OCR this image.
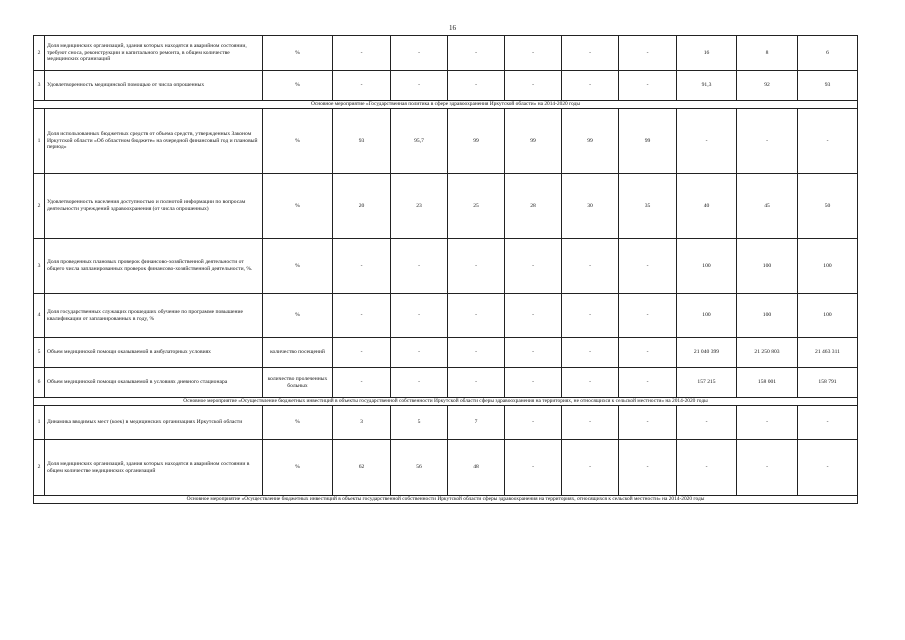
16
2	Доля медицинских организаций, здания которых находятся в аварийном состоянии, требуют сноса, реконструкции и капитального ремонта, в общем количестве медицинских организаций	%	-	-	-	-	-	-	16	8	6
3	Удовлетворенность медицинской помощью от числа опрошенных	%	-	-	-	-	-	-	91,3	92	93
Основное мероприятие «Государственная политика в сфере здравоохранения Иркутской области» на 2014-2020 годы											
1	Доля использованных бюджетных средств от объема средств, утвержденных Законом Иркутской области «Об областном бюджете» на очередной финансовый год и плановый период»	%	93	95,7	99	99	99	99	-	-	-
2	Удовлетворенность населения доступностью и полнотой информации по вопросам деятельности учреждений здравоохранения (от числа опрошенных)	%	20	23	25	28	30	35	40	45	50
3	Доля проведенных плановых проверок финансово-хозяйственной деятельности от общего числа запланированных проверок финансово-хозяйственной деятельности, %.	%	-	-	-	-	-	-	100	100	100
4	Доля государственных служащих прошедших обучение по программе повышение квалификации от запланированных в году, %	%	-	-	-	-	-	-	100	100	100
5	Объем медицинской помощи оказываемой в амбулаторных условиях	количество посещений	-	-	-	-	-	-	21 040 399	21 250 803	21 463 311
6	Объем медицинской помощи оказываемой в условиях дневного стационара	количество пролеченных больных	-	-	-	-	-	-	157 215	158 001	158 791
Основное мероприятие «Осуществление бюджетных инвестиций в объекты государственной собственности Иркутской области сферы здравоохранения на территориях, не относящихся к сельской местности» на 2014-2020 годы											
1	Динамика вводимых мест (коек) в медицинских организациях Иркутской области	%	3	5	7	-	-	-	-	-	-
2	Доля медицинских организаций, здания которых находятся в аварийном состоянии в общем количестве медицинских организаций	%	62	56	48	-	-	-	-	-	-
Основное мероприятие «Осуществление бюджетных инвестиций в объекты государственной собственности Иркутской области сферы здравоохранения на территориях, относящихся к сельской местности» на 2014-2020 годы											
